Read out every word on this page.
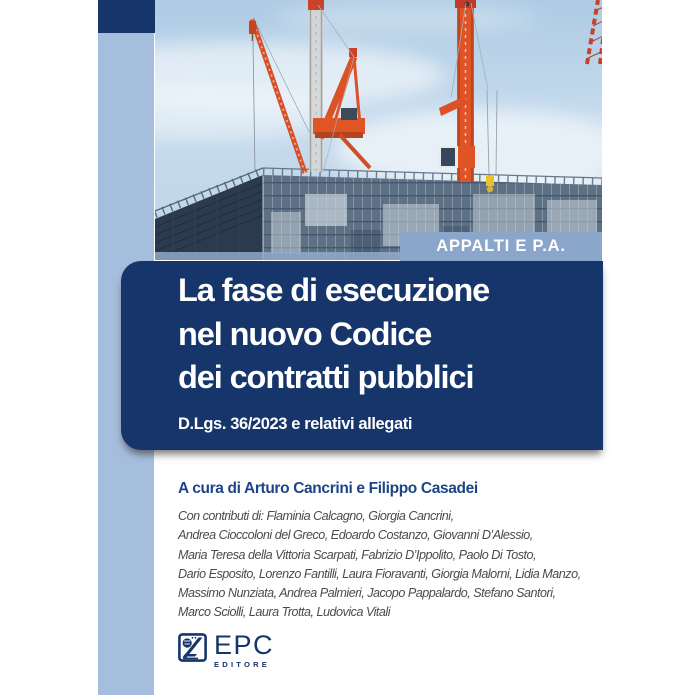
APPALTI E P.A.
La fase di esecuzione
nel nuovo Codice
dei contratti pubblici
D.Lgs. 36/2023 e relativi allegati
A cura di Arturo Cancrini e Filippo Casadei
Con contributi di: Flaminia Calcagno, Giorgia Cancrini,
Andrea Cioccoloni del Greco, Edoardo Costanzo, Giovanni D’Alessio,
Maria Teresa della Vittoria Scarpati, Fabrizio D’Ippolito, Paolo Di Tosto,
Dario Esposito, Lorenzo Fantilli, Laura Fioravanti, Giorgia Malorni, Lidia Manzo,
Massimo Nunziata, Andrea Palmieri, Jacopo Pappalardo, Stefano Santori,
Marco Sciolli, Laura Trotta, Ludovica Vitali
EPC
EDITORE
